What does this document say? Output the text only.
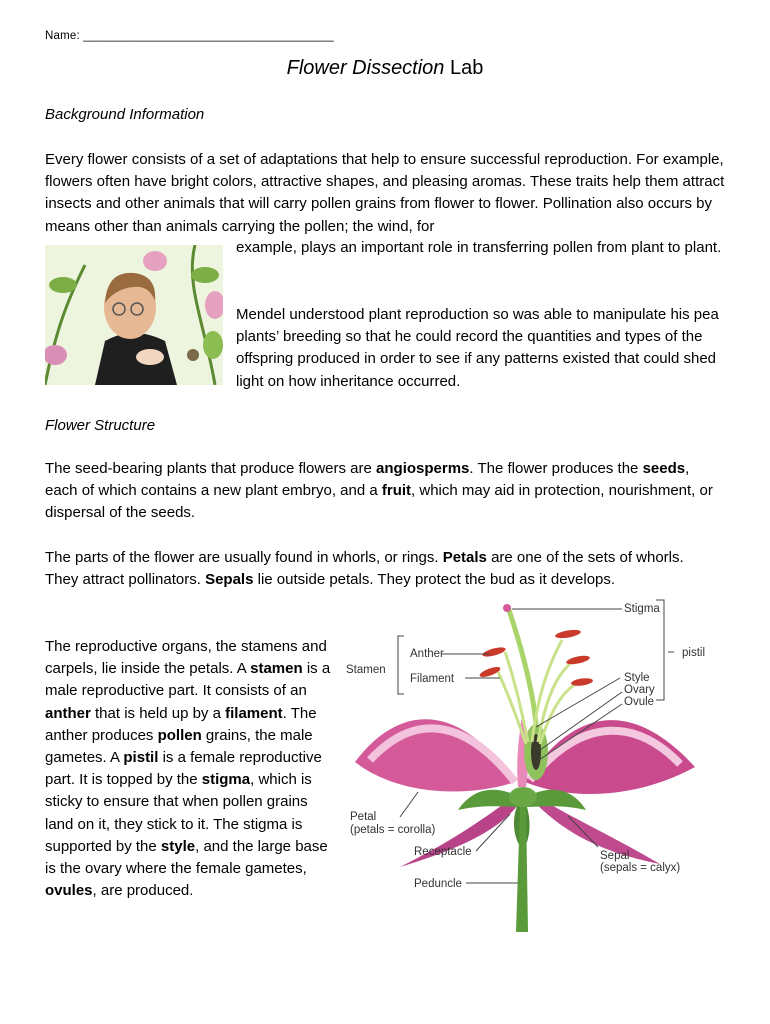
Name: ______________________________________
Flower Dissection Lab
Background Information

Every flower consists of a set of adaptations that help to ensure successful reproduction. For example, flowers often have bright colors, attractive shapes, and pleasing aromas. These traits help them attract insects and other animals that will carry pollen grains from flower to flower. Pollination also occurs by means other than animals carrying the pollen; the wind, for

example, plays an important role in transferring pollen from plant to plant.

Mendel understood plant reproduction so was able to manipulate his pea plants’ breeding so that he could record the quantities and types of the offspring produced in order to see if any patterns existed that could shed light on how inheritance occurred.

Flower Structure

The seed-bearing plants that produce flowers are angiosperms. The flower produces the seeds, each of which contains a new plant embryo, and a fruit, which may aid in protection, nourishment, or dispersal of the seeds.

The parts of the flower are usually found in whorls, or rings. Petals are one of the sets of whorls. They attract pollinators. Sepals lie outside petals. They protect the bud as it develops.

The reproductive organs, the stamens and carpels, lie inside the petals. A stamen is a male reproductive part. It consists of an anther that is held up by a filament. The anther produces pollen grains, the male gametes. A pistil is a female reproductive part. It is topped by the stigma, which is sticky to ensure that when pollen grains land on it, they stick to it. The stigma is supported by the style, and the large base is the ovary where the female gametes, ovules, are produced.

Stigma
pistil
Stamen
Anther
Filament	Style
Ovary
Ovule
Petal
(petals = corolla)
Receptacle	Sepal
(sepals = calyx)
Peduncle
